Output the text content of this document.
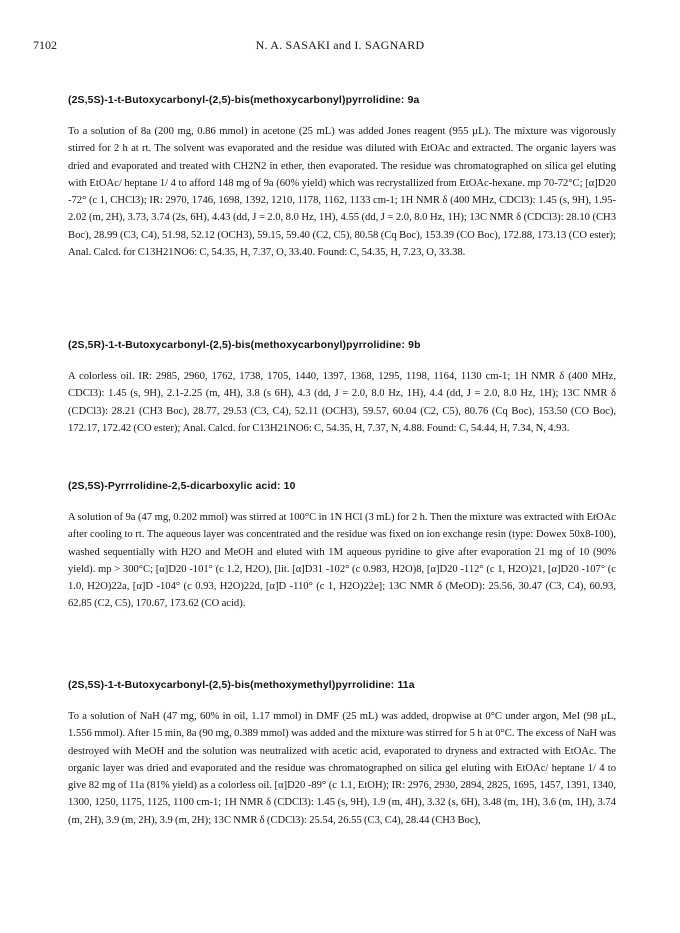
7102	N. A. SASAKI and I. SAGNARD

(2S,5S)-1-t-Butoxycarbonyl-(2,5)-bis(methoxycarbonyl)pyrrolidine: 9a

To a solution of 8a (200 mg, 0.86 mmol) in acetone (25 mL) was added Jones reagent (955 µL). The mixture was vigorously stirred for 2 h at rt. The solvent was evaporated and the residue was diluted with EtOAc and extracted. The organic layers was dried and evaporated and treated with CH2N2 in ether, then evaporated. The residue was chromatographed on silica gel eluting with EtOAc/ heptane 1/ 4 to afford 148 mg of 9a (60% yield) which was recrystallized from EtOAc-hexane. mp 70-72°C; [α]D20 -72° (c 1, CHCl3); IR: 2970, 1746, 1698, 1392, 1210, 1178, 1162, 1133 cm-1; 1H NMR δ (400 MHz, CDCl3): 1.45 (s, 9H), 1.95-2.02 (m, 2H), 3.73, 3.74 (2s, 6H), 4.43 (dd, J = 2.0, 8.0 Hz, 1H), 4.55 (dd, J = 2.0, 8.0 Hz, 1H); 13C NMR δ (CDCl3): 28.10 (CH3 Boc), 28.99 (C3, C4), 51.98, 52.12 (OCH3), 59.15, 59.40 (C2, C5), 80.58 (Cq Boc), 153.39 (CO Boc), 172.88, 173.13 (CO ester); Anal. Calcd. for C13H21NO6: C, 54.35, H, 7.37, O, 33.40. Found: C, 54.35, H, 7.23, O, 33.38.

(2S,5R)-1-t-Butoxycarbonyl-(2,5)-bis(methoxycarbonyl)pyrrolidine: 9b

A colorless oil. IR: 2985, 2960, 1762, 1738, 1705, 1440, 1397, 1368, 1295, 1198, 1164, 1130 cm-1; 1H NMR δ (400 MHz, CDCl3): 1.45 (s, 9H), 2.1-2.25 (m, 4H), 3.8 (s 6H), 4.3 (dd, J = 2.0, 8.0 Hz, 1H), 4.4 (dd, J = 2.0, 8.0 Hz, 1H); 13C NMR δ (CDCl3): 28.21 (CH3 Boc), 28.77, 29.53 (C3, C4), 52.11 (OCH3), 59.57, 60.04 (C2, C5), 80.76 (Cq Boc), 153.50 (CO Boc), 172.17, 172.42 (CO ester); Anal. Calcd. for C13H21NO6: C, 54.35, H, 7.37, N, 4.88. Found: C, 54.44, H, 7.34, N, 4.93.

(2S,5S)-Pyrrrolidine-2,5-dicarboxylic acid: 10

A solution of 9a (47 mg, 0.202 mmol) was stirred at 100°C in 1N HCl (3 mL) for 2 h. Then the mixture was extracted with EtOAc after cooling to rt. The aqueous layer was concentrated and the residue was fixed on ion exchange resin (type: Dowex 50x8-100), washed sequentially with H2O and MeOH and eluted with 1M aqueous pyridine to give after evaporation 21 mg of 10 (90% yield). mp > 300°C; [α]D20 -101° (c 1.2, H2O), [lit. [α]D31 -102° (c 0.983, H2O)8, [α]D20 -112° (c 1, H2O)21, [α]D20 -107° (c 1.0, H2O)22a, [α]D -104° (c 0.93, H2O)22d, [α]D -110° (c 1, H2O)22e]; 13C NMR δ (MeOD): 25.56, 30.47 (C3, C4), 60.93, 62.85 (C2, C5), 170.67, 173.62 (CO acid).

(2S,5S)-1-t-Butoxycarbonyl-(2,5)-bis(methoxymethyl)pyrrolidine: 11a

To a solution of NaH (47 mg, 60% in oil, 1.17 mmol) in DMF (25 mL) was added, dropwise at 0°C under argon, MeI (98 µL, 1.556 mmol). After 15 min, 8a (90 mg, 0.389 mmol) was added and the mixture was stirred for 5 h at 0°C. The excess of NaH was destroyed with MeOH and the solution was neutralized with acetic acid, evaporated to dryness and extracted with EtOAc. The organic layer was dried and evaporated and the residue was chromatographed on silica gel eluting with EtOAc/ heptane 1/ 4 to give 82 mg of 11a (81% yield) as a colorless oil. [α]D20 -89° (c 1.1, EtOH); IR: 2976, 2930, 2894, 2825, 1695, 1457, 1391, 1340, 1300, 1250, 1175, 1125, 1100 cm-1; 1H NMR δ (CDCl3): 1.45 (s, 9H), 1.9 (m, 4H), 3.32 (s, 6H), 3.48 (m, 1H), 3.6 (m, 1H), 3.74 (m, 2H), 3.9 (m, 2H), 3.9 (m, 2H); 13C NMR δ (CDCl3): 25.54, 26.55 (C3, C4), 28.44 (CH3 Boc),
